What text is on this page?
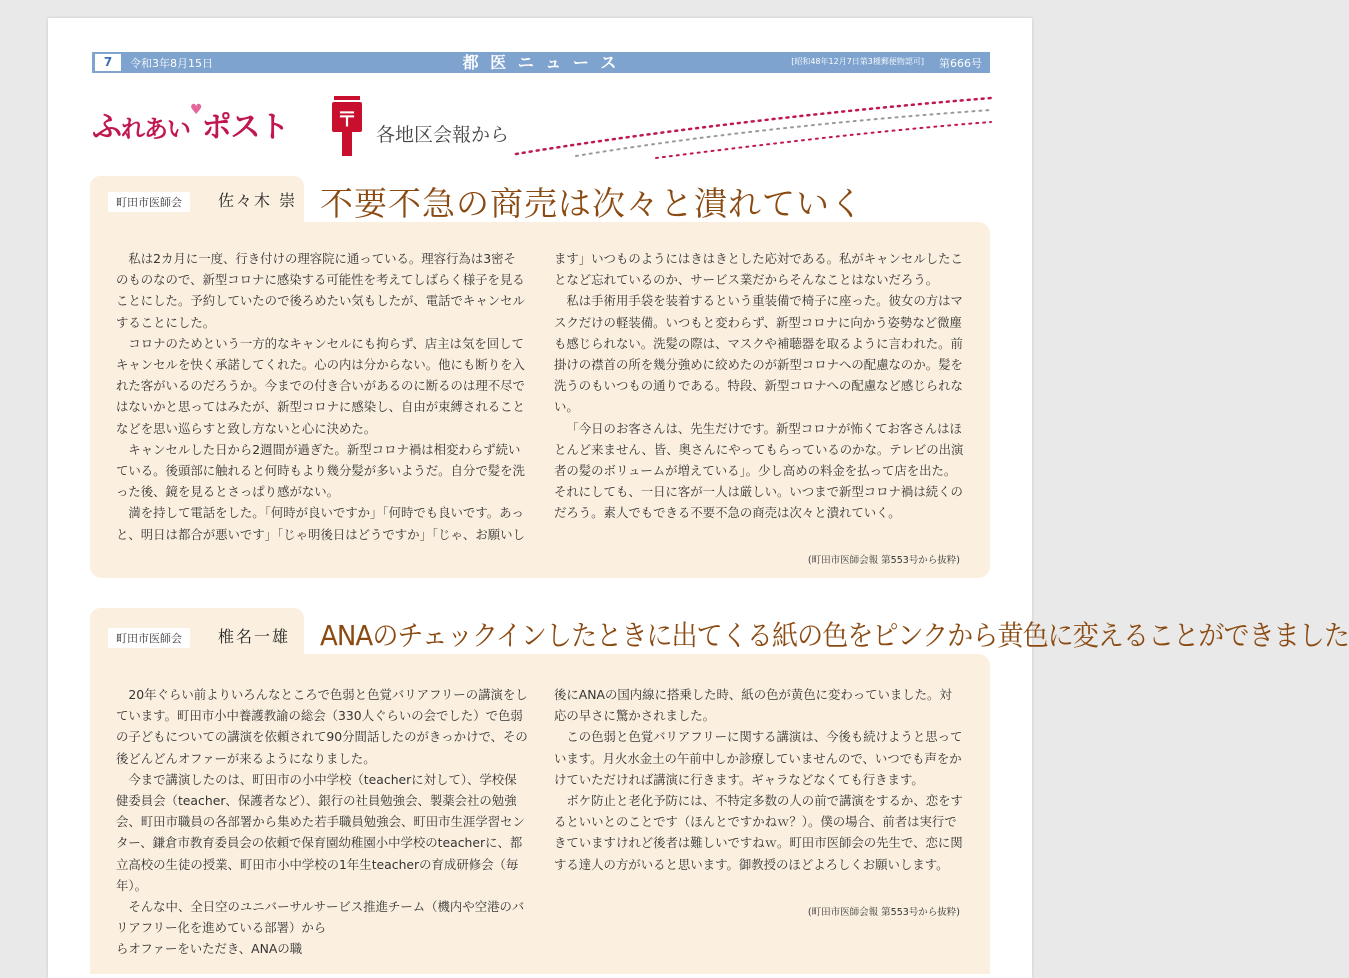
7	令和3年8月15日	都 医 ニ ュ ー ス	[昭和48年12月7日第3種郵便物認可] 第666号
ふれあい♥ポスト 〒
各地区会報から
町田市医師会	佐々木 崇 不要不急の商売は次々と潰れていく

私は2カ月に一度、行き付けの理容院に通っている。理容行為は3密そのものなので、新型コロナに感染する可能性を考えてしばらく様子を見ることにした。予約していたので後ろめたい気もしたが、電話でキャンセルすることにした。

コロナのためという一方的なキャンセルにも拘らず、店主は気を回してキャンセルを快く承諾してくれた。心の内は分からない。他にも断りを入れた客がいるのだろうか。今までの付き合いがあるのに断るのは理不尽ではないかと思ってはみたが、新型コロナに感染し、自由が束縛されることなどを思い巡らすと致し方ないと心に決めた。

キャンセルした日から2週間が過ぎた。新型コロナ禍は相変わらず続いている。後頭部に触れると何時もより幾分髪が多いようだ。自分で髪を洗った後、鏡を見るとさっぱり感がない。

満を持して電話をした。「何時が良いですか」「何時でも良いです。あっと、明日は都合が悪いです」「じゃ明後日はどうですか」「じゃ、お願いし

ます」いつものようにはきはきとした応対である。私がキャンセルしたことなど忘れているのか、サービス業だからそんなことはないだろう。

私は手術用手袋を装着するという重装備で椅子に座った。彼女の方はマスクだけの軽装備。いつもと変わらず、新型コロナに向かう姿勢など微塵も感じられない。洗髪の際は、マスクや補聴器を取るように言われた。前掛けの襟首の所を幾分強めに絞めたのが新型コロナへの配慮なのか。髪を洗うのもいつもの通りである。特段、新型コロナへの配慮など感じられない。

「今日のお客さんは、先生だけです。新型コロナが怖くてお客さんはほとんど来ません、皆、奥さんにやってもらっているのかな。テレビの出演者の髪のボリュームが増えている」。少し高めの料金を払って店を出た。それにしても、一日に客が一人は厳しい。いつまで新型コロナ禍は続くのだろう。素人でもできる不要不急の商売は次々と潰れていく。

(町田市医師会報 第553号から抜粋)
町田市医師会	椎名一雄 ANAのチェックインしたときに出てくる紙の色をピンクから黄色に変えることができました

20年ぐらい前よりいろんなところで色弱と色覚バリアフリーの講演をしています。町田市小中養護教諭の総会（330人ぐらいの会でした）で色弱の子どもについての講演を依頼されて90分間話したのがきっかけで、その後どんどんオファーが来るようになりました。

今まで講演したのは、町田市の小中学校（teacherに対して）、学校保健委員会（teacher、保護者など）、銀行の社員勉強会、製薬会社の勉強会、町田市職員の各部署から集めた若手職員勉強会、町田市生涯学習センター、鎌倉市教育委員会の依頼で保育園幼稚園小中学校のteacherに、都立高校の生徒の授業、町田市小中学校の1年生teacherの育成研修会（毎年）。

そんな中、全日空のユニバーサルサービス推進チーム（機内や空港のバリアフリー化を進めている部署）から

らオファーをいただき、ANAの職

後にANAの国内線に搭乗した時、紙の色が黄色に変わっていました。対応の早さに驚かされました。

この色弱と色覚バリアフリーに関する講演は、今後も続けようと思っています。月火水金土の午前中しか診療していませんので、いつでも声をかけていただければ講演に行きます。ギャラなどなくても行きます。

ボケ防止と老化予防には、不特定多数の人の前で講演をするか、恋をするといいとのことです（ほんとですかねｗ？）。僕の場合、前者は実行できていますけれど後者は難しいですねｗ。町田市医師会の先生で、恋に関する達人の方がいると思います。御教授のほどよろしくお願いします。

(町田市医師会報 第553号から抜粋)
